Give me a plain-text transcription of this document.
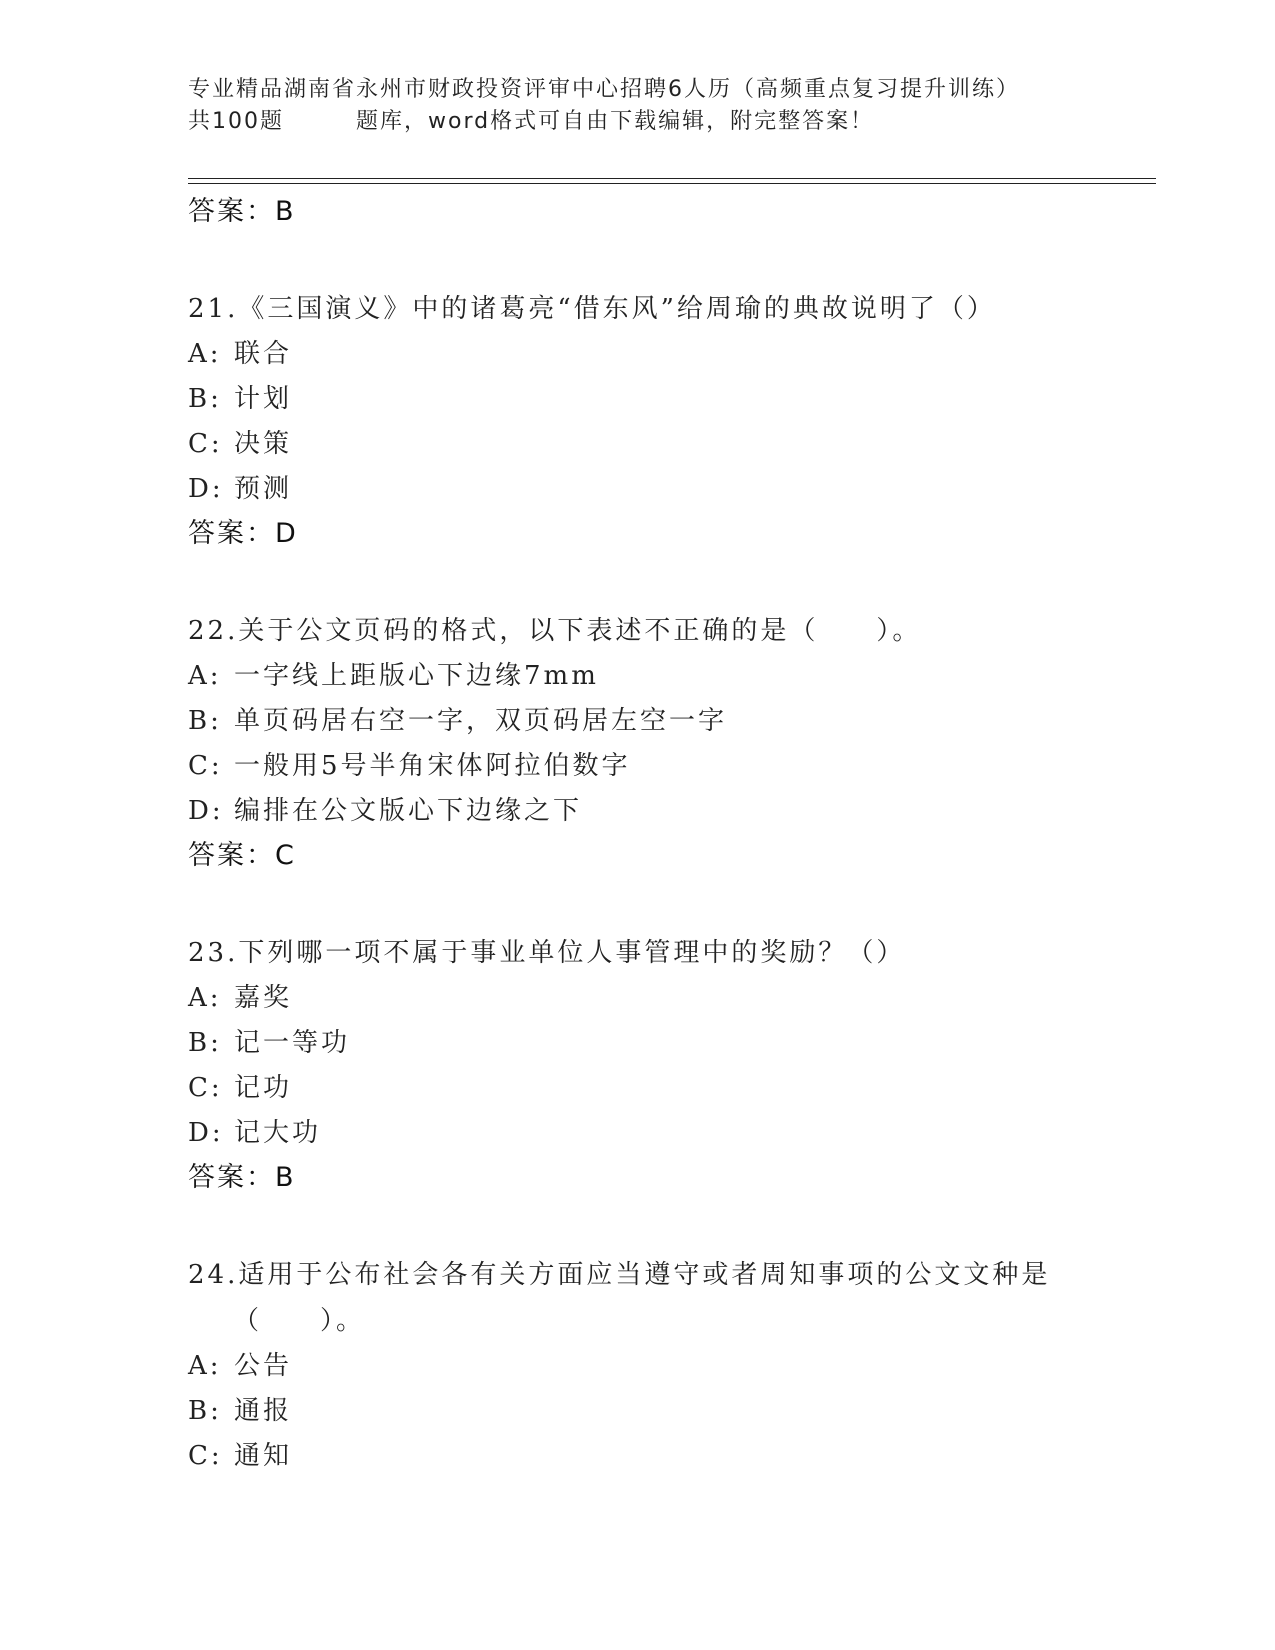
专业精品湖南省永州市财政投资评审中心招聘6人历（高频重点复习提升训练）
共100题	题库，word格式可自由下载编辑，附完整答案！
答案：B
21.《三国演义》中的诸葛亮“借东风”给周瑜的典故说明了（）
A: 联合
B: 计划
C: 决策
D: 预测
答案：D
22.关于公文页码的格式，以下表述不正确的是（　　）。
A: 一字线上距版心下边缘7mm
B: 单页码居右空一字，双页码居左空一字
C: 一般用5号半角宋体阿拉伯数字
D: 编排在公文版心下边缘之下
答案：C
23.下列哪一项不属于事业单位人事管理中的奖励？（）
A: 嘉奖
B: 记一等功
C: 记功
D: 记大功
答案：B
24.适用于公布社会各有关方面应当遵守或者周知事项的公文文种是（　　）。
A: 公告
B: 通报
C: 通知
